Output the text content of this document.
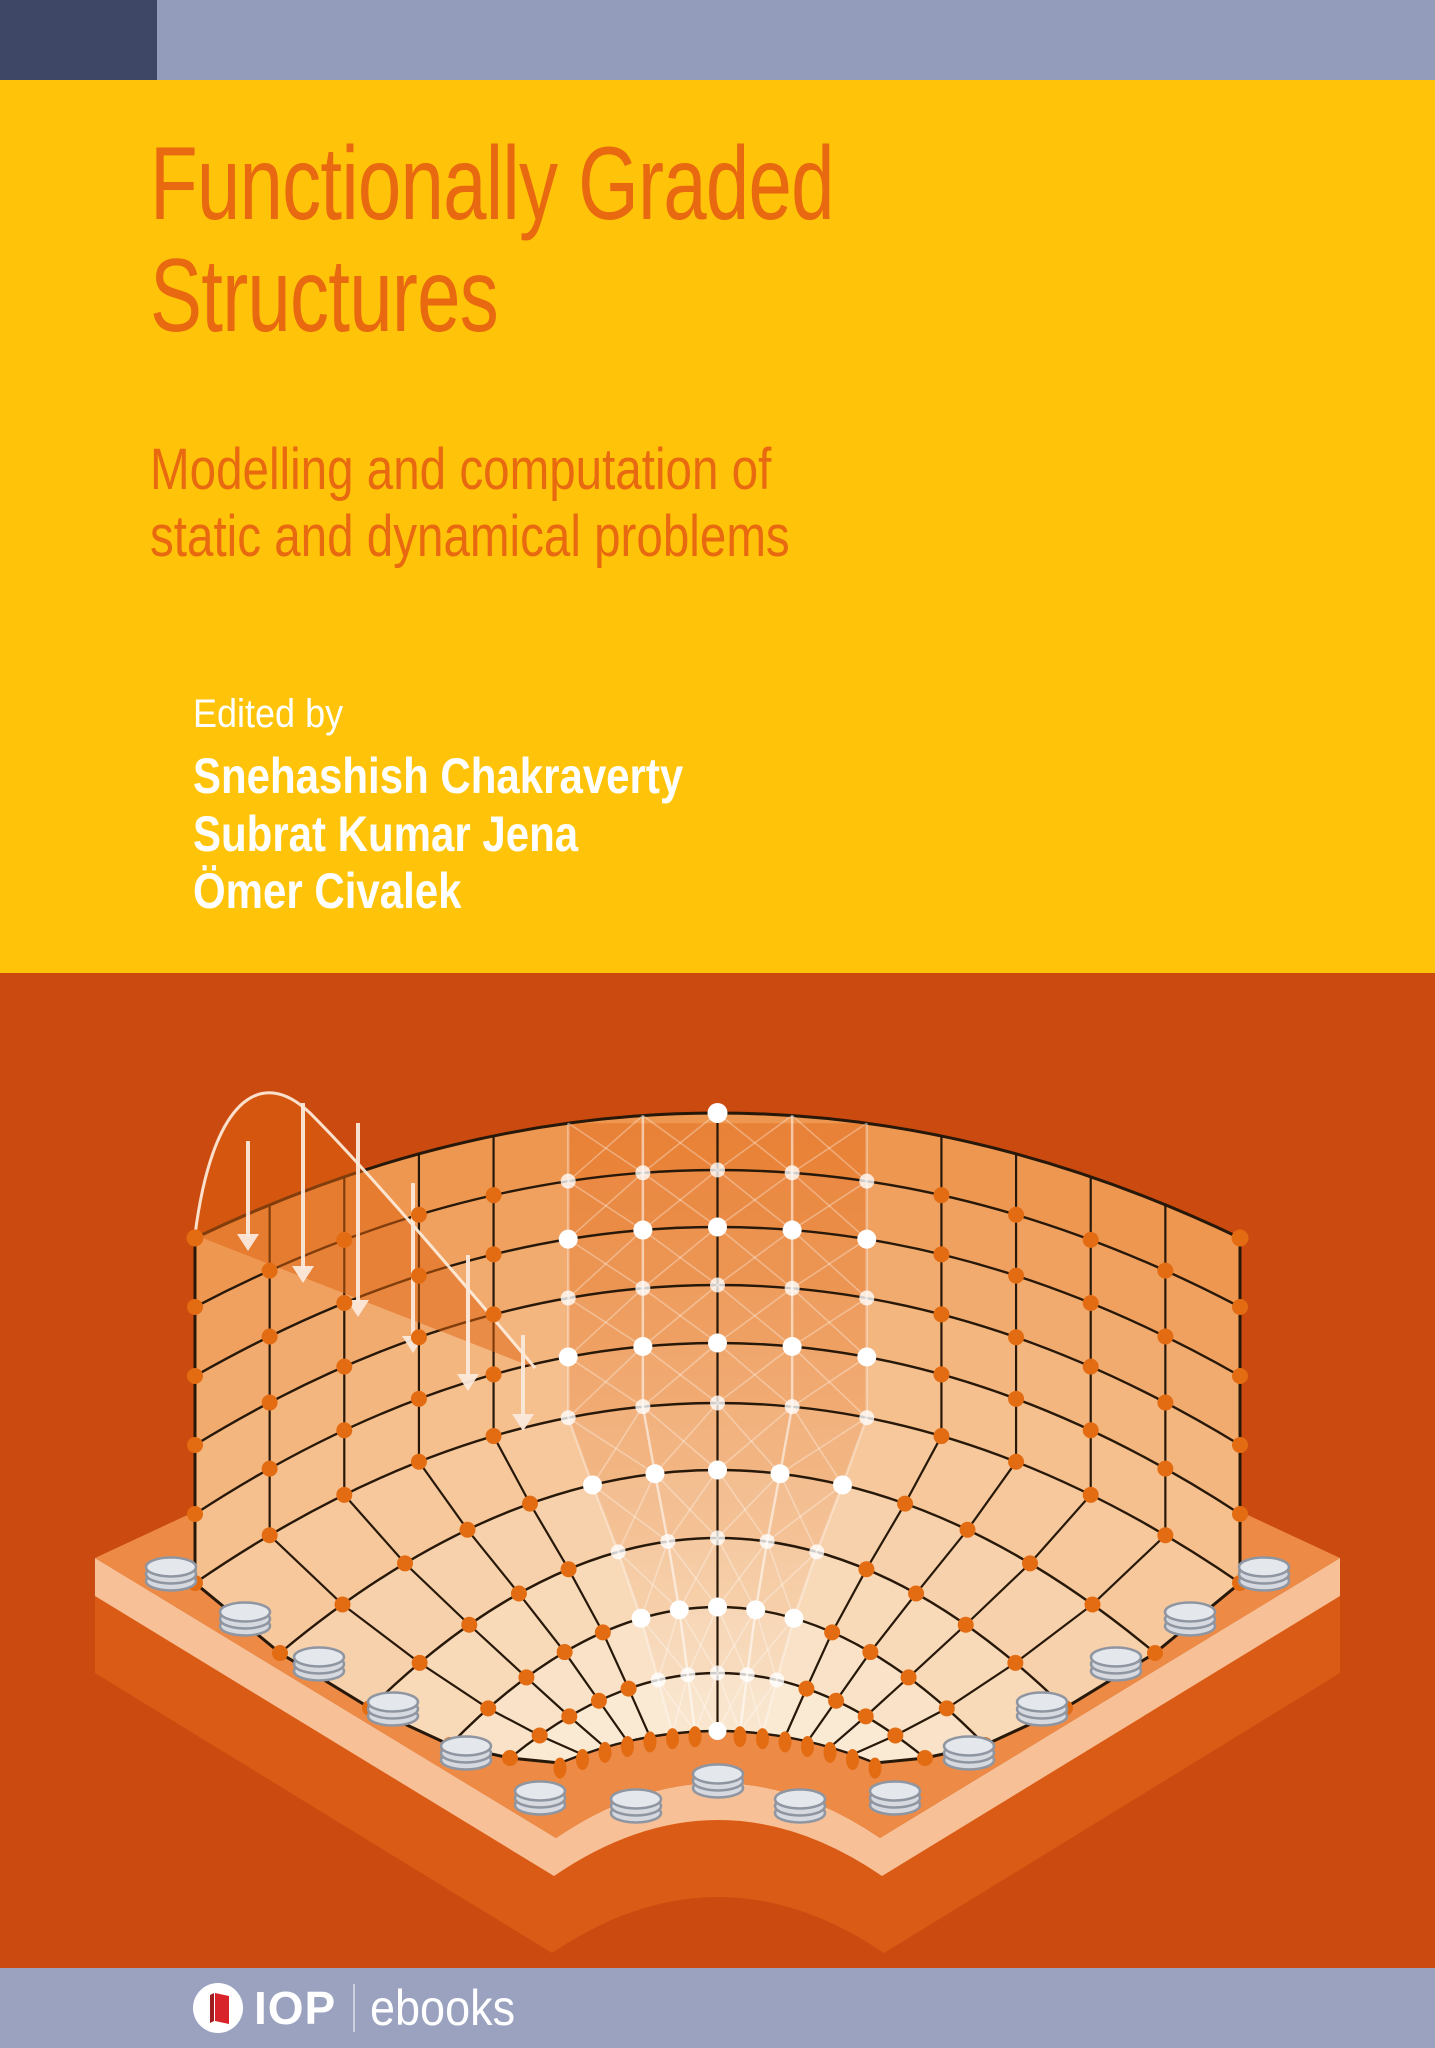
Functionally Graded
Structures
Modelling and computation of
static and dynamical problems
Edited by
Snehashish Chakraverty
Subrat Kumar Jena
Ömer Civalek
IOP ebooks
